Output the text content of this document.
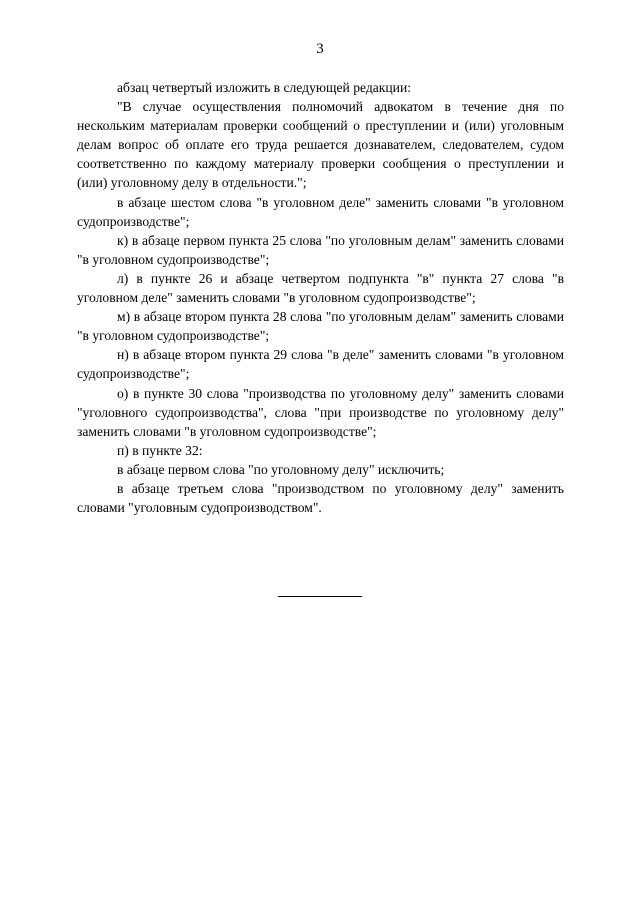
3

абзац четвертый изложить в следующей редакции:

"В случае осуществления полномочий адвокатом в течение дня по нескольким материалам проверки сообщений о преступлении и (или) уголовным делам вопрос об оплате его труда решается дознавателем, следователем, судом соответственно по каждому материалу проверки сообщения о преступлении и (или) уголовному делу в отдельности.";

в абзаце шестом слова "в уголовном деле" заменить словами "в уголовном судопроизводстве";

к) в абзаце первом пункта 25 слова "по уголовным делам" заменить словами "в уголовном судопроизводстве";

л) в пункте 26 и абзаце четвертом подпункта "в" пункта 27 слова "в уголовном деле" заменить словами "в уголовном судопроизводстве";

м) в абзаце втором пункта 28 слова "по уголовным делам" заменить словами "в уголовном судопроизводстве";

н) в абзаце втором пункта 29 слова "в деле" заменить словами "в уголовном судопроизводстве";

о) в пункте 30 слова "производства по уголовному делу" заменить словами "уголовного судопроизводства", слова "при производстве по уголовному делу" заменить словами "в уголовном судопроизводстве";

п) в пункте 32:

в абзаце первом слова "по уголовному делу" исключить;

в абзаце третьем слова "производством по уголовному делу" заменить словами "уголовным судопроизводством".
